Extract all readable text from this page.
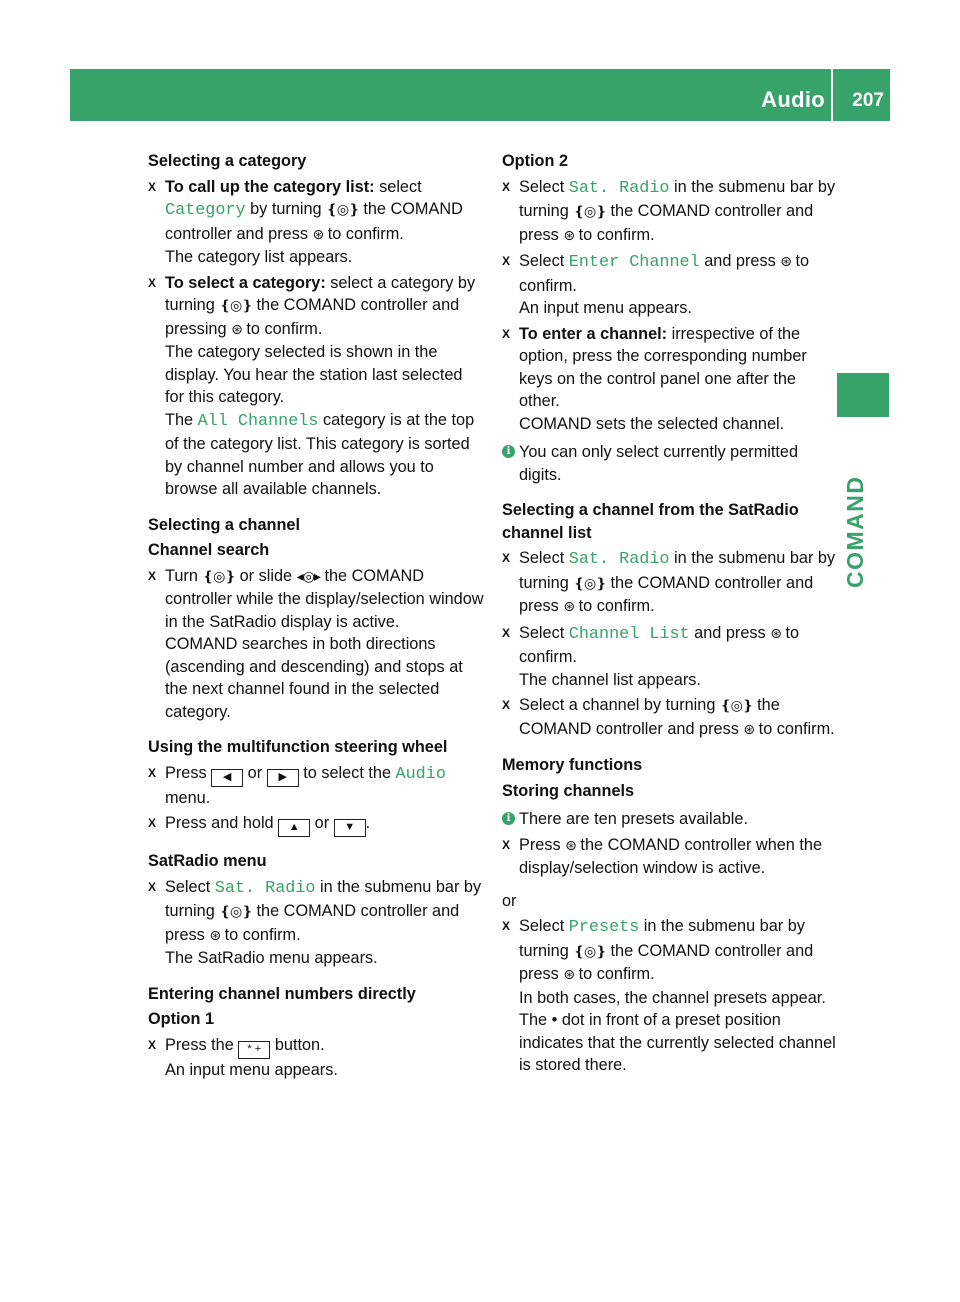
Audio 207
COMAND

Selecting a category

X

To call up the category list: select Category by turning ❴◎❵ the COMAND controller and press ⊛ to confirm.

The category list appears.

X

To select a category: select a category by turning ❴◎❵ the COMAND controller and pressing ⊛ to confirm.

The category selected is shown in the display. You hear the station last selected for this category.

The All Channels category is at the top of the category list. This category is sorted by channel number and allows you to browse all available channels.

Selecting a channel

Channel search

X

Turn ❴◎❵ or slide ◂◎▸ the COMAND controller while the display/selection window in the SatRadio display is active.

COMAND searches in both directions (ascending and descending) and stops at the next channel found in the selected category.

Using the multifunction steering wheel

X

Press ◀ or ▶ to select the Audio menu.

X

Press and hold ▲ or ▼ .

SatRadio menu

X

Select Sat. Radio in the submenu bar by turning ❴◎❵ the COMAND controller and press ⊛ to confirm.

The SatRadio menu appears.

Entering channel numbers directly

Option 1

X

Press the * + button.

An input menu appears.

Option 2

X

Select Sat. Radio in the submenu bar by turning ❴◎❵ the COMAND controller and press ⊛ to confirm.

X

Select Enter Channel and press ⊛ to confirm.

An input menu appears.

X

To enter a channel: irrespective of the option, press the corresponding number keys on the control panel one after the other.

COMAND sets the selected channel.

i You can only select currently permitted digits.

Selecting a channel from the SatRadio channel list

X

Select Sat. Radio in the submenu bar by turning ❴◎❵ the COMAND controller and press ⊛ to confirm.

X

Select Channel List and press ⊛ to confirm.

The channel list appears.

X

Select a channel by turning ❴◎❵ the COMAND controller and press ⊛ to confirm.

Memory functions

Storing channels

i There are ten presets available.

X

Press ⊛ the COMAND controller when the display/selection window is active.

or

X

Select Presets in the submenu bar by turning ❴◎❵ the COMAND controller and press ⊛ to confirm.

In both cases, the channel presets appear.

The • dot in front of a preset position indicates that the currently selected channel is stored there.
